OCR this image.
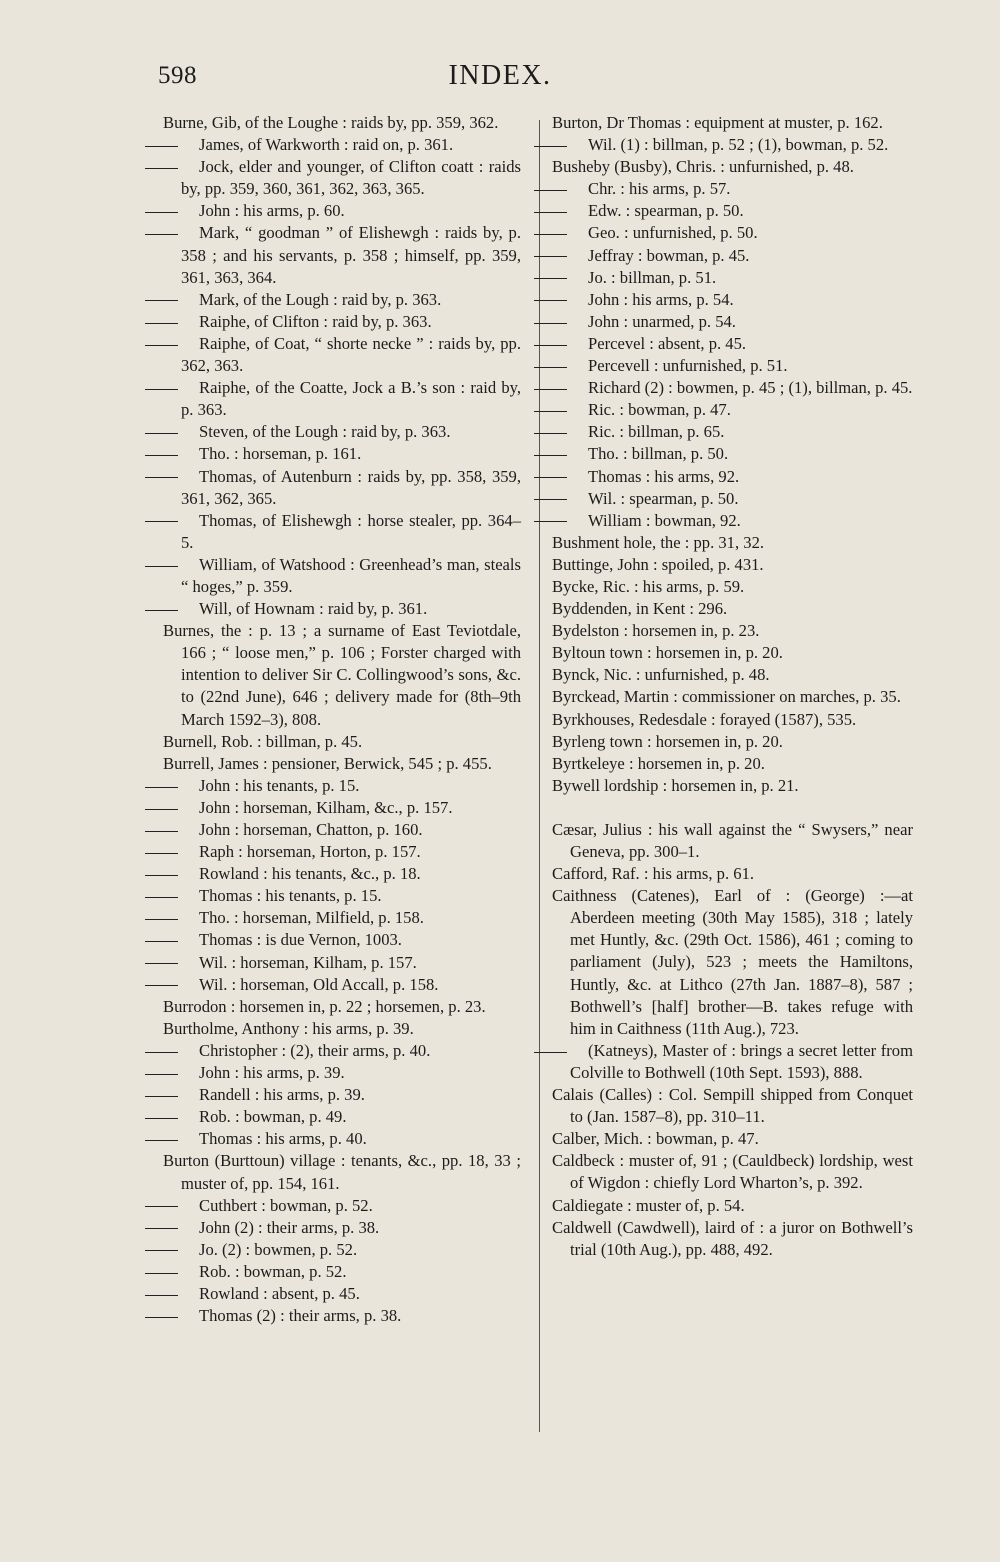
598	INDEX.

Burne, Gib, of the Loughe : raids by, pp. 359, 362.

James, of Warkworth : raid on, p. 361.

Jock, elder and younger, of Clifton coatt : raids by, pp. 359, 360, 361, 362, 363, 365.

John : his arms, p. 60.

Mark, “ goodman ” of Elishewgh : raids by, p. 358 ; and his servants, p. 358 ; himself, pp. 359, 361, 363, 364.

Mark, of the Lough : raid by, p. 363.

Raiphe, of Clifton : raid by, p. 363.

Raiphe, of Coat, “ shorte necke ” : raids by, pp. 362, 363.

Raiphe, of the Coatte, Jock a B.’s son : raid by, p. 363.

Steven, of the Lough : raid by, p. 363.

Tho. : horseman, p. 161.

Thomas, of Autenburn : raids by, pp. 358, 359, 361, 362, 365.

Thomas, of Elishewgh : horse stealer, pp. 364–5.

William, of Watshood : Greenhead’s man, steals “ hoges,” p. 359.

Will, of Hownam : raid by, p. 361.

Burnes, the : p. 13 ; a surname of East Teviotdale, 166 ; “ loose men,” p. 106 ; Forster charged with intention to deliver Sir C. Collingwood’s sons, &c. to (22nd June), 646 ; delivery made for (8th–9th March 1592–3), 808.

Burnell, Rob. : billman, p. 45.

Burrell, James : pensioner, Berwick, 545 ; p. 455.

John : his tenants, p. 15.

John : horseman, Kilham, &c., p. 157.

John : horseman, Chatton, p. 160.

Raph : horseman, Horton, p. 157.

Rowland : his tenants, &c., p. 18.

Thomas : his tenants, p. 15.

Tho. : horseman, Milfield, p. 158.

Thomas : is due Vernon, 1003.

Wil. : horseman, Kilham, p. 157.

Wil. : horseman, Old Accall, p. 158.

Burrodon : horsemen in, p. 22 ; horsemen, p. 23.

Burtholme, Anthony : his arms, p. 39.

Christopher : (2), their arms, p. 40.

John : his arms, p. 39.

Randell : his arms, p. 39.

Rob. : bowman, p. 49.

Thomas : his arms, p. 40.

Burton (Burttoun) village : tenants, &c., pp. 18, 33 ; muster of, pp. 154, 161.

Cuthbert : bowman, p. 52.

John (2) : their arms, p. 38.

Jo. (2) : bowmen, p. 52.

Rob. : bowman, p. 52.

Rowland : absent, p. 45.

Thomas (2) : their arms, p. 38.

Burton, Dr Thomas : equipment at muster, p. 162.

Wil. (1) : billman, p. 52 ; (1), bowman, p. 52.

Busheby (Busby), Chris. : unfurnished, p. 48.

Chr. : his arms, p. 57.

Edw. : spearman, p. 50.

Geo. : unfurnished, p. 50.

Jeffray : bowman, p. 45.

Jo. : billman, p. 51.

John : his arms, p. 54.

John : unarmed, p. 54.

Percevel : absent, p. 45.

Percevell : unfurnished, p. 51.

Richard (2) : bowmen, p. 45 ; (1), billman, p. 45.

Ric. : bowman, p. 47.

Ric. : billman, p. 65.

Tho. : billman, p. 50.

Thomas : his arms, 92.

Wil. : spearman, p. 50.

William : bowman, 92.

Bushment hole, the : pp. 31, 32.

Buttinge, John : spoiled, p. 431.

Bycke, Ric. : his arms, p. 59.

Byddenden, in Kent : 296.

Bydelston : horsemen in, p. 23.

Byltoun town : horsemen in, p. 20.

Bynck, Nic. : unfurnished, p. 48.

Byrckead, Martin : commissioner on marches, p. 35.

Byrkhouses, Redesdale : forayed (1587), 535.

Byrleng town : horsemen in, p. 20.

Byrtkeleye : horsemen in, p. 20.

Bywell lordship : horsemen in, p. 21.

Cæsar, Julius : his wall against the “ Swysers,” near Geneva, pp. 300–1.

Cafford, Raf. : his arms, p. 61.

Caithness (Catenes), Earl of : (George) :—at Aberdeen meeting (30th May 1585), 318 ; lately met Huntly, &c. (29th Oct. 1586), 461 ; coming to parliament (July), 523 ; meets the Hamiltons, Huntly, &c. at Lithco (27th Jan. 1887–8), 587 ; Bothwell’s [half] brother—B. takes refuge with him in Caithness (11th Aug.), 723.

(Katneys), Master of : brings a secret letter from Colville to Bothwell (10th Sept. 1593), 888.

Calais (Calles) : Col. Sempill shipped from Conquet to (Jan. 1587–8), pp. 310–11.

Calber, Mich. : bowman, p. 47.

Caldbeck : muster of, 91 ; (Cauldbeck) lordship, west of Wigdon : chiefly Lord Wharton’s, p. 392.

Caldiegate : muster of, p. 54.

Caldwell (Cawdwell), laird of : a juror on Bothwell’s trial (10th Aug.), pp. 488, 492.
